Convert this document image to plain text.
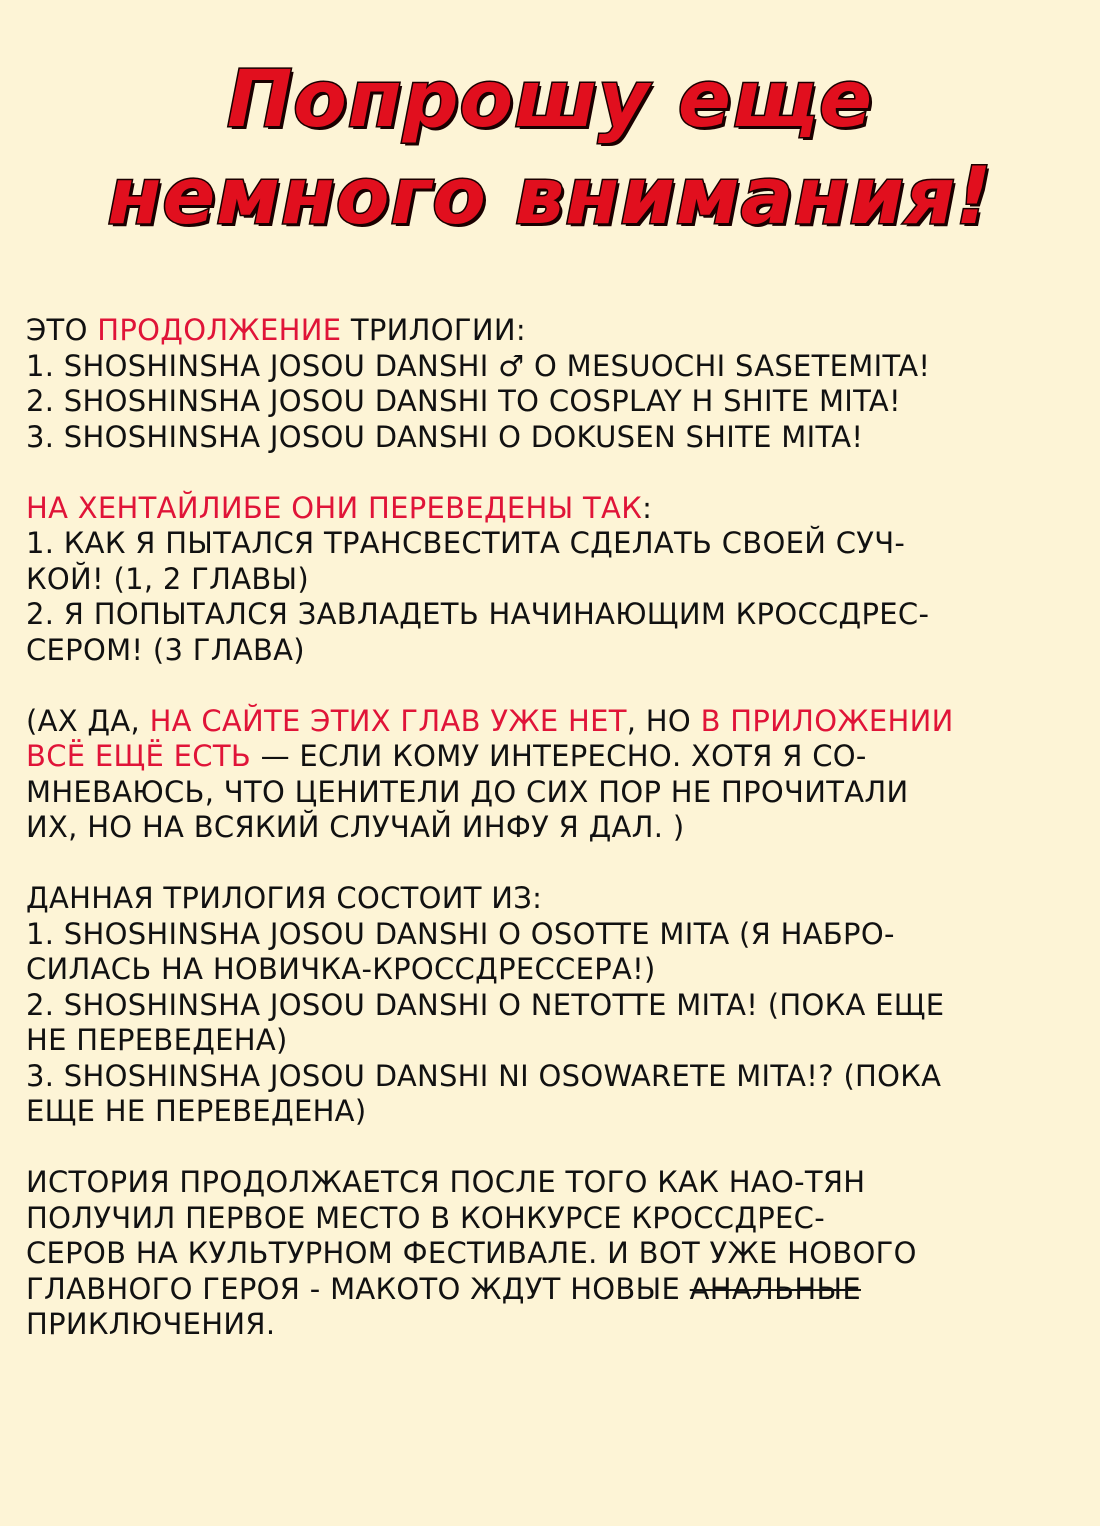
Попрошу еще
немного внимания!
ЭТО ПРОДОЛЖЕНИЕ ТРИЛОГИИ:
1. SHOSHINSHA JOSOU DANSHI ♂ O MESUOCHI SASETEMITA!
2. SHOSHINSHA JOSOU DANSHI TO COSPLAY H SHITE MITA!
3. SHOSHINSHA JOSOU DANSHI O DOKUSEN SHITE MITA!
НА ХЕНТАЙЛИБЕ ОНИ ПЕРЕВЕДЕНЫ ТАК:
1. КАК Я ПЫТАЛСЯ ТРАНСВЕСТИТА СДЕЛАТЬ СВОЕЙ СУЧ-
КОЙ! (1, 2 ГЛАВЫ)
2. Я ПОПЫТАЛСЯ ЗАВЛАДЕТЬ НАЧИНАЮЩИМ КРОССДРЕС-
СЕРОМ! (3 ГЛАВА)
(АХ ДА, НА САЙТЕ ЭТИХ ГЛАВ УЖЕ НЕТ, НО В ПРИЛОЖЕНИИ
ВСЁ ЕЩЁ ЕСТЬ — ЕСЛИ КОМУ ИНТЕРЕСНО. ХОТЯ Я СО-
МНЕВАЮСЬ, ЧТО ЦЕНИТЕЛИ ДО СИХ ПОР НЕ ПРОЧИТАЛИ
ИХ, НО НА ВСЯКИЙ СЛУЧАЙ ИНФУ Я ДАЛ. )
ДАННАЯ ТРИЛОГИЯ СОСТОИТ ИЗ:
1. SHOSHINSHA JOSOU DANSHI O OSOTTE MITA (Я НАБРО-
СИЛАСЬ НА НОВИЧКА-КРОССДРЕССЕРА!)
2. SHOSHINSHA JOSOU DANSHI O NETOTTE MITA! (ПОКА ЕЩЕ
НЕ ПЕРЕВЕДЕНА)
3. SHOSHINSHA JOSOU DANSHI NI OSOWARETE MITA!? (ПОКА
ЕЩЕ НЕ ПЕРЕВЕДЕНА)
ИСТОРИЯ ПРОДОЛЖАЕТСЯ ПОСЛЕ ТОГО КАК НАО-ТЯН
ПОЛУЧИЛ ПЕРВОЕ МЕСТО В КОНКУРСЕ КРОССДРЕС-
СЕРОВ НА КУЛЬТУРНОМ ФЕСТИВАЛЕ. И ВОТ УЖЕ НОВОГО
ГЛАВНОГО ГЕРОЯ - МАКОТО ЖДУТ НОВЫЕ АНАЛЬНЫЕ
ПРИКЛЮЧЕНИЯ.
